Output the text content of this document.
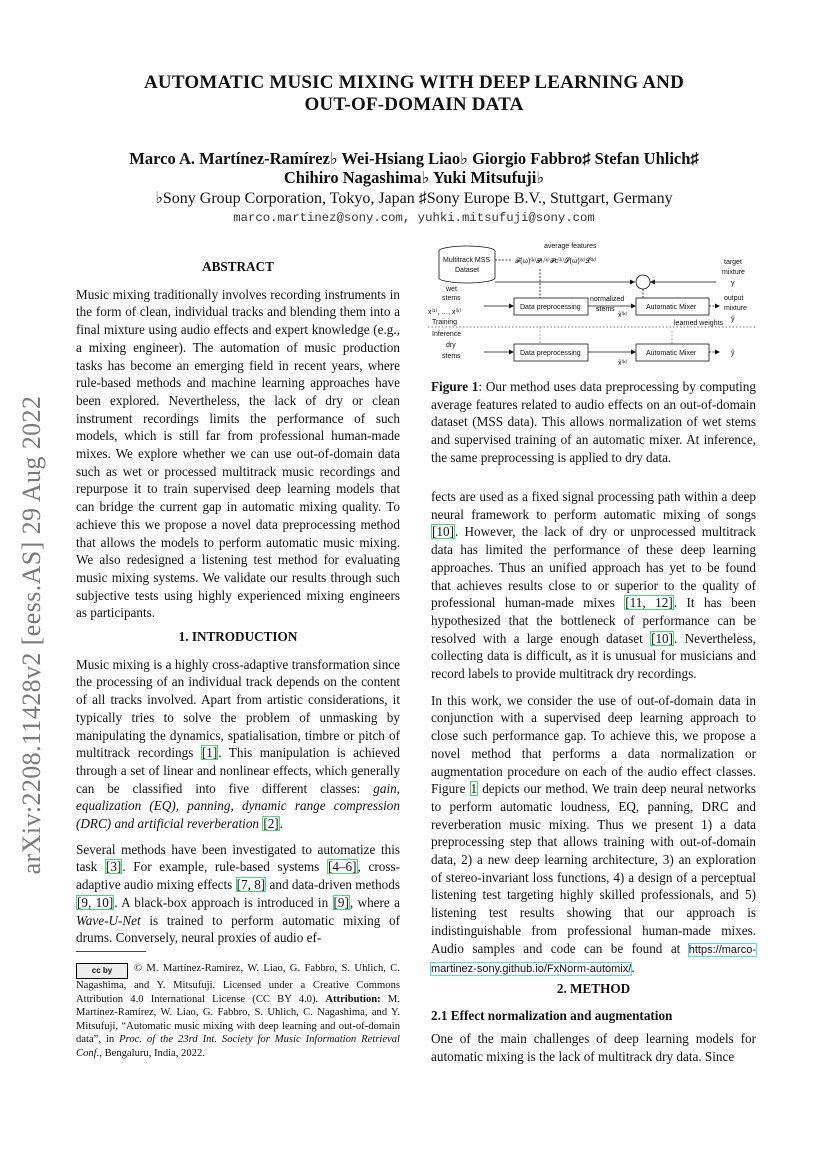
AUTOMATIC MUSIC MIXING WITH DEEP LEARNING AND
OUT-OF-DOMAIN DATA
Marco A. Martínez-Ramírez♭ Wei-Hsiang Liao♭ Giorgio Fabbro♯ Stefan Uhlich♯
Chihiro Nagashima♭ Yuki Mitsufuji♭
♭Sony Group Corporation, Tokyo, Japan ♯Sony Europe B.V., Stuttgart, Germany
marco.martinez@sony.com, yuhki.mitsufuji@sony.com
arXiv:2208.11428v2 [eess.AS] 29 Aug 2022
ABSTRACT

Music mixing traditionally involves recording instruments in the form of clean, individual tracks and blending them into a final mixture using audio effects and expert knowledge (e.g., a mixing engineer). The automation of music production tasks has become an emerging field in recent years, where rule-based methods and machine learning approaches have been explored. Nevertheless, the lack of dry or clean instrument recordings limits the performance of such models, which is still far from professional human-made mixes. We explore whether we can use out-of-domain data such as wet or processed multitrack music recordings and repurpose it to train supervised deep learning models that can bridge the current gap in automatic mixing quality. To achieve this we propose a novel data preprocessing method that allows the models to perform automatic music mixing. We also redesigned a listening test method for evaluating music mixing systems. We validate our results through such subjective tests using highly experienced mixing engineers as participants.

1. INTRODUCTION

Music mixing is a highly cross-adaptive transformation since the processing of an individual track depends on the content of all tracks involved. Apart from artistic considerations, it typically tries to solve the problem of unmasking by manipulating the dynamics, spatialisation, timbre or pitch of multitrack recordings [1]. This manipulation is achieved through a set of linear and nonlinear effects, which generally can be classified into five different classes: gain, equalization (EQ), panning, dynamic range compression (DRC) and artificial reverberation [2].

Several methods have been investigated to automatize this task [3]. For example, rule-based systems [4–6], cross-adaptive audio mixing effects [7, 8] and data-driven methods [9, 10]. A black-box approach is introduced in [9], where a Wave-U-Net is trained to perform automatic mixing of drums. Conversely, neural proxies of audio ef-

cc by © M. Martínez-Ramírez, W. Liao, G. Fabbro, S. Uhlich, C. Nagashima, and Y. Mitsufuji. Licensed under a Creative Commons Attribution 4.0 International License (CC BY 4.0). Attribution: M. Martínez-Ramírez, W. Liao, G. Fabbro, S. Uhlich, C. Nagashima, and Y. Mitsufuji, “Automatic music mixing with deep learning and out-of-domain data”, in Proc. of the 23rd Int. Society for Music Information Retrieval Conf., Bengaluru, India, 2022.
Multitrack MSS
Dataset
average features
𝓕(ω)⁽ᵏ⁾𝓟ₙ⁽ᵏ⁾𝓟c⁽ᵏ⁾𝓢(ω)⁽ᵏ⁾𝓛⁽ᵏ⁾	target
mixture
y
wet
stems
x⁽¹⁾, …, x⁽ᵏ⁾
Data preprocessing
normalized
stems
x̂⁽ᵏ⁾
Automatic Mixer
output
mixture
ŷ
Training
Inference
learned weights
dry
stems	Data preprocessing
x̂⁽ᵏ⁾
Automatic Mixer	ŷ
Figure 1: Our method uses data preprocessing by computing average features related to audio effects on an out-of-domain dataset (MSS data). This allows normalization of wet stems and supervised training of an automatic mixer. At inference, the same preprocessing is applied to dry data.

fects are used as a fixed signal processing path within a deep neural framework to perform automatic mixing of songs [10]. However, the lack of dry or unprocessed multitrack data has limited the performance of these deep learning approaches. Thus an unified approach has yet to be found that achieves results close to or superior to the quality of professional human-made mixes [11, 12]. It has been hypothesized that the bottleneck of performance can be resolved with a large enough dataset [10]. Nevertheless, collecting data is difficult, as it is unusual for musicians and record labels to provide multitrack dry recordings.

In this work, we consider the use of out-of-domain data in conjunction with a supervised deep learning approach to close such performance gap. To achieve this, we propose a novel method that performs a data normalization or augmentation procedure on each of the audio effect classes. Figure 1 depicts our method. We train deep neural networks to perform automatic loudness, EQ, panning, DRC and reverberation music mixing. Thus we present 1) a data preprocessing step that allows training with out-of-domain data, 2) a new deep learning architecture, 3) an exploration of stereo-invariant loss functions, 4) a design of a perceptual listening test targeting highly skilled professionals, and 5) listening test results showing that our approach is indistinguishable from professional human-made mixes. Audio samples and code can be found at https://marco-martinez-sony.github.io/FxNorm-automix/.

2. METHOD
2.1 Effect normalization and augmentation

One of the main challenges of deep learning models for automatic mixing is the lack of multitrack dry data. Since
